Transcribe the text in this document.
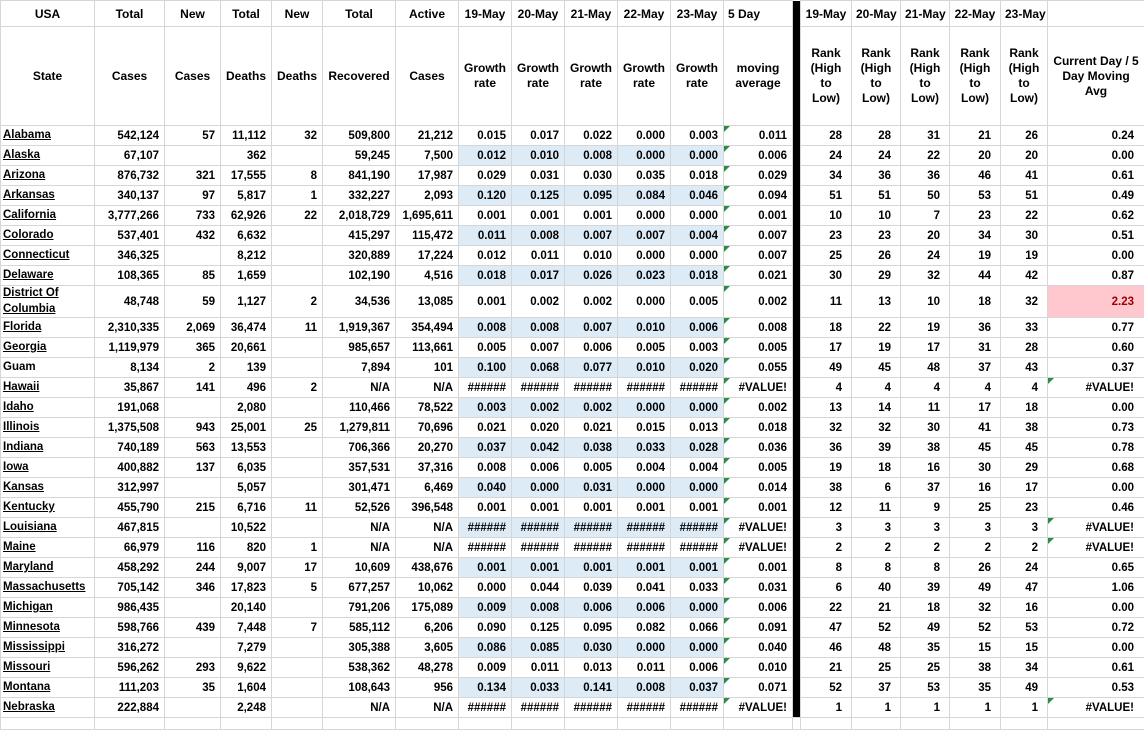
USA	Total	New	Total	New	Total	Active	19-May	20-May	21-May	22-May	23-May	5 Day		19-May	20-May	21-May	22-May	23-May	
State	Cases	Cases	Deaths	Deaths	Recovered	Cases	Growth rate	Growth rate	Growth rate	Growth rate	Growth rate	moving average		Rank (High to Low)	Rank (High to Low)	Rank (High to Low)	Rank (High to Low)	Rank (High to Low)	Current Day / 5 Day Moving Avg
Alabama	542,124	57	11,112	32	509,800	21,212	0.015	0.017	0.022	0.000	0.003	0.011		28	28	31	21	26	0.24
Alaska	67,107		362		59,245	7,500	0.012	0.010	0.008	0.000	0.000	0.006		24	24	22	20	20	0.00
Arizona	876,732	321	17,555	8	841,190	17,987	0.029	0.031	0.030	0.035	0.018	0.029		34	36	36	46	41	0.61
Arkansas	340,137	97	5,817	1	332,227	2,093	0.120	0.125	0.095	0.084	0.046	0.094		51	51	50	53	51	0.49
California	3,777,266	733	62,926	22	2,018,729	1,695,611	0.001	0.001	0.001	0.000	0.000	0.001		10	10	7	23	22	0.62
Colorado	537,401	432	6,632		415,297	115,472	0.011	0.008	0.007	0.007	0.004	0.007		23	23	20	34	30	0.51
Connecticut	346,325		8,212		320,889	17,224	0.012	0.011	0.010	0.000	0.000	0.007		25	26	24	19	19	0.00
Delaware	108,365	85	1,659		102,190	4,516	0.018	0.017	0.026	0.023	0.018	0.021		30	29	32	44	42	0.87
District Of Columbia	48,748	59	1,127	2	34,536	13,085	0.001	0.002	0.002	0.000	0.005	0.002		11	13	10	18	32	2.23
Florida	2,310,335	2,069	36,474	11	1,919,367	354,494	0.008	0.008	0.007	0.010	0.006	0.008		18	22	19	36	33	0.77
Georgia	1,119,979	365	20,661		985,657	113,661	0.005	0.007	0.006	0.005	0.003	0.005		17	19	17	31	28	0.60
Guam	8,134	2	139		7,894	101	0.100	0.068	0.077	0.010	0.020	0.055		49	45	48	37	43	0.37
Hawaii	35,867	141	496	2	N/A	N/A	######	######	######	######	######	#VALUE!		4	4	4	4	4	#VALUE!
Idaho	191,068		2,080		110,466	78,522	0.003	0.002	0.002	0.000	0.000	0.002		13	14	11	17	18	0.00
Illinois	1,375,508	943	25,001	25	1,279,811	70,696	0.021	0.020	0.021	0.015	0.013	0.018		32	32	30	41	38	0.73
Indiana	740,189	563	13,553		706,366	20,270	0.037	0.042	0.038	0.033	0.028	0.036		36	39	38	45	45	0.78
Iowa	400,882	137	6,035		357,531	37,316	0.008	0.006	0.005	0.004	0.004	0.005		19	18	16	30	29	0.68
Kansas	312,997		5,057		301,471	6,469	0.040	0.000	0.031	0.000	0.000	0.014		38	6	37	16	17	0.00
Kentucky	455,790	215	6,716	11	52,526	396,548	0.001	0.001	0.001	0.001	0.001	0.001		12	11	9	25	23	0.46
Louisiana	467,815		10,522		N/A	N/A	######	######	######	######	######	#VALUE!		3	3	3	3	3	#VALUE!
Maine	66,979	116	820	1	N/A	N/A	######	######	######	######	######	#VALUE!		2	2	2	2	2	#VALUE!
Maryland	458,292	244	9,007	17	10,609	438,676	0.001	0.001	0.001	0.001	0.001	0.001		8	8	8	26	24	0.65
Massachusetts	705,142	346	17,823	5	677,257	10,062	0.000	0.044	0.039	0.041	0.033	0.031		6	40	39	49	47	1.06
Michigan	986,435		20,140		791,206	175,089	0.009	0.008	0.006	0.006	0.000	0.006		22	21	18	32	16	0.00
Minnesota	598,766	439	7,448	7	585,112	6,206	0.090	0.125	0.095	0.082	0.066	0.091		47	52	49	52	53	0.72
Mississippi	316,272		7,279		305,388	3,605	0.086	0.085	0.030	0.000	0.000	0.040		46	48	35	15	15	0.00
Missouri	596,262	293	9,622		538,362	48,278	0.009	0.011	0.013	0.011	0.006	0.010		21	25	25	38	34	0.61
Montana	111,203	35	1,604		108,643	956	0.134	0.033	0.141	0.008	0.037	0.071		52	37	53	35	49	0.53
Nebraska	222,884		2,248		N/A	N/A	######	######	######	######	######	#VALUE!		1	1	1	1	1	#VALUE!
